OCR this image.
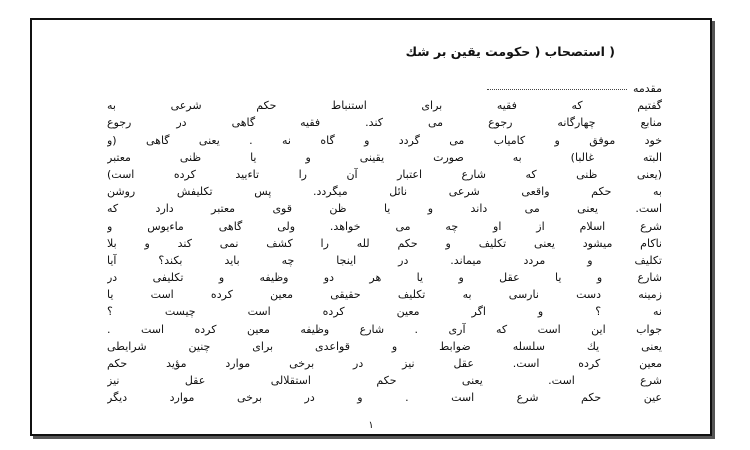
( استصحاب ( حکومت یقین بر شك
مقدمه
گفتیم که فقیه برای استنباط حکم شرعی به
منابع چهارگانه رجوع می کند. فقیه گاهی در رجوع
خود موفق و کامیاب می گردد و گاه نه . یعنی گاهی (و
البته غالبا) به صورت یقینی و یا ظنی معتبر
(یعنی ظنی که شارع اعتبار آن را تاءیید کرده است)
به حکم واقعی شرعی نائل میگردد. پس تکلیفش روشن
است. یعنی می داند و یا ظن قوی معتبر دارد که
شرع اسلام از او چه می خواهد. ولی گاهی ماءیوس و
ناکام میشود یعنی تکلیف و حکم لله را کشف نمی کند و بلا
تکلیف و مردد میماند. در اینجا چه باید بکند؟ آیا
شارع و یا عقل و یا هر دو وظیفه و تکلیفی در
زمینه دست نارسی به تکلیف حقیقی معین کرده است یا
نه ؟ و اگر معین کرده است چیست ؟
جواب این است که آری . شارع وظیفه معین کرده است .
یعنی یك سلسله ضوابط و قواعدی برای چنین شرایطی
معین کرده است. عقل نیز در برخی موارد مؤید حکم
شرع است. یعنی حکم استقلالی عقل نیز
عین حکم شرع است . و در برخی موارد دیگر
۱
